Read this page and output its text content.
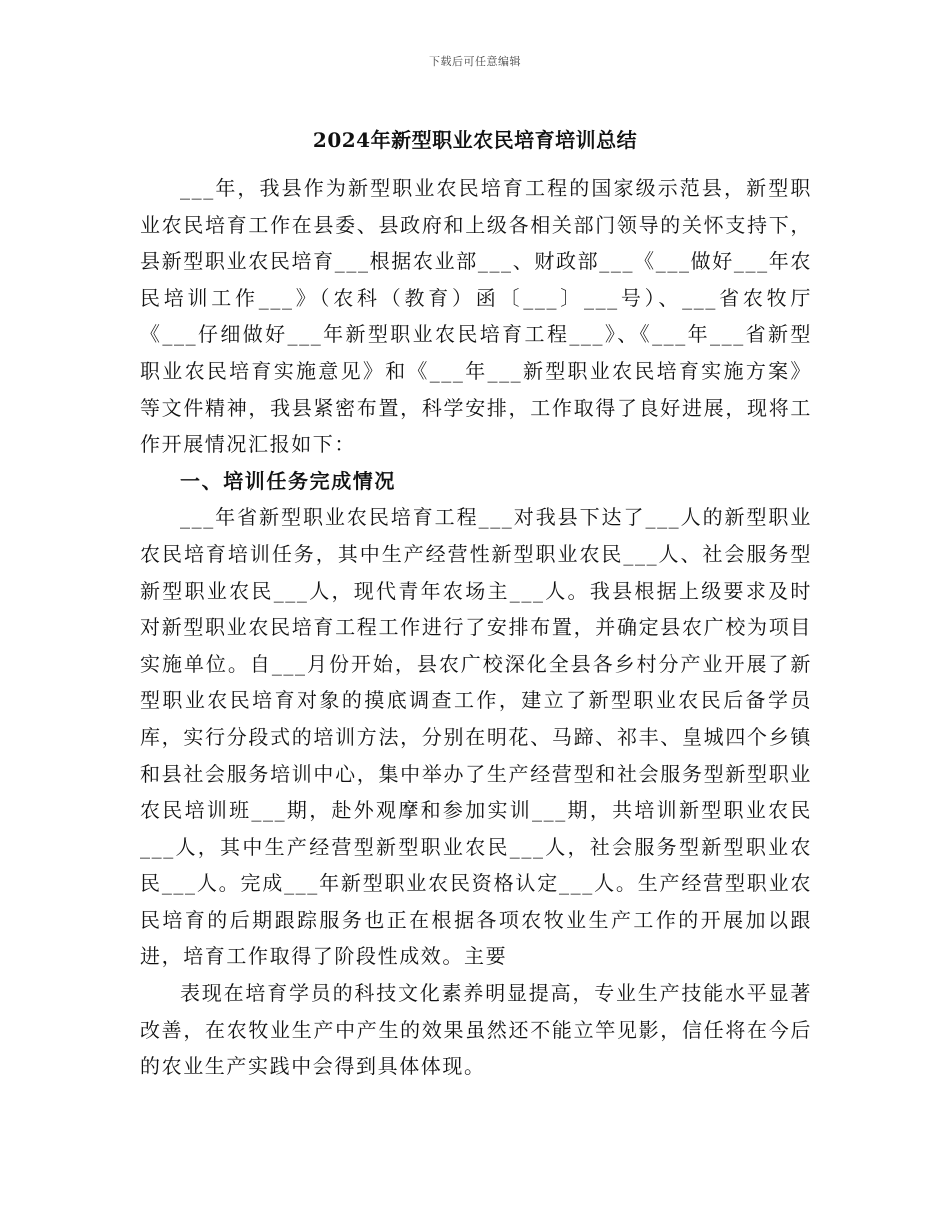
下载后可任意编辑
2024年新型职业农民培育培训总结

___年，我县作为新型职业农民培育工程的国家级示范县，新型职业农民培育工作在县委、县政府和上级各相关部门领导的关怀支持下，县新型职业农民培育___根据农业部___、财政部___《___做好___年农民培训工作___》（农科（教育）函〔___〕___号）、___省农牧厅《___仔细做好___年新型职业农民培育工程___》、《___年___省新型职业农民培育实施意见》和《___年___新型职业农民培育实施方案》等文件精神，我县紧密布置，科学安排，工作取得了良好进展，现将工作开展情况汇报如下：

一、培训任务完成情况

___年省新型职业农民培育工程___对我县下达了___人的新型职业农民培育培训任务，其中生产经营性新型职业农民___人、社会服务型新型职业农民___人，现代青年农场主___人。我县根据上级要求及时对新型职业农民培育工程工作进行了安排布置，并确定县农广校为项目实施单位。自___月份开始，县农广校深化全县各乡村分产业开展了新型职业农民培育对象的摸底调查工作，建立了新型职业农民后备学员库，实行分段式的培训方法，分别在明花、马蹄、祁丰、皇城四个乡镇和县社会服务培训中心，集中举办了生产经营型和社会服务型新型职业农民培训班___期，赴外观摩和参加实训___期，共培训新型职业农民___人，其中生产经营型新型职业农民___人，社会服务型新型职业农民___人。完成___年新型职业农民资格认定___人。生产经营型职业农民培育的后期跟踪服务也正在根据各项农牧业生产工作的开展加以跟进，培育工作取得了阶段性成效。主要

表现在培育学员的科技文化素养明显提高，专业生产技能水平显著改善，在农牧业生产中产生的效果虽然还不能立竿见影，信任将在今后的农业生产实践中会得到具体体现。
